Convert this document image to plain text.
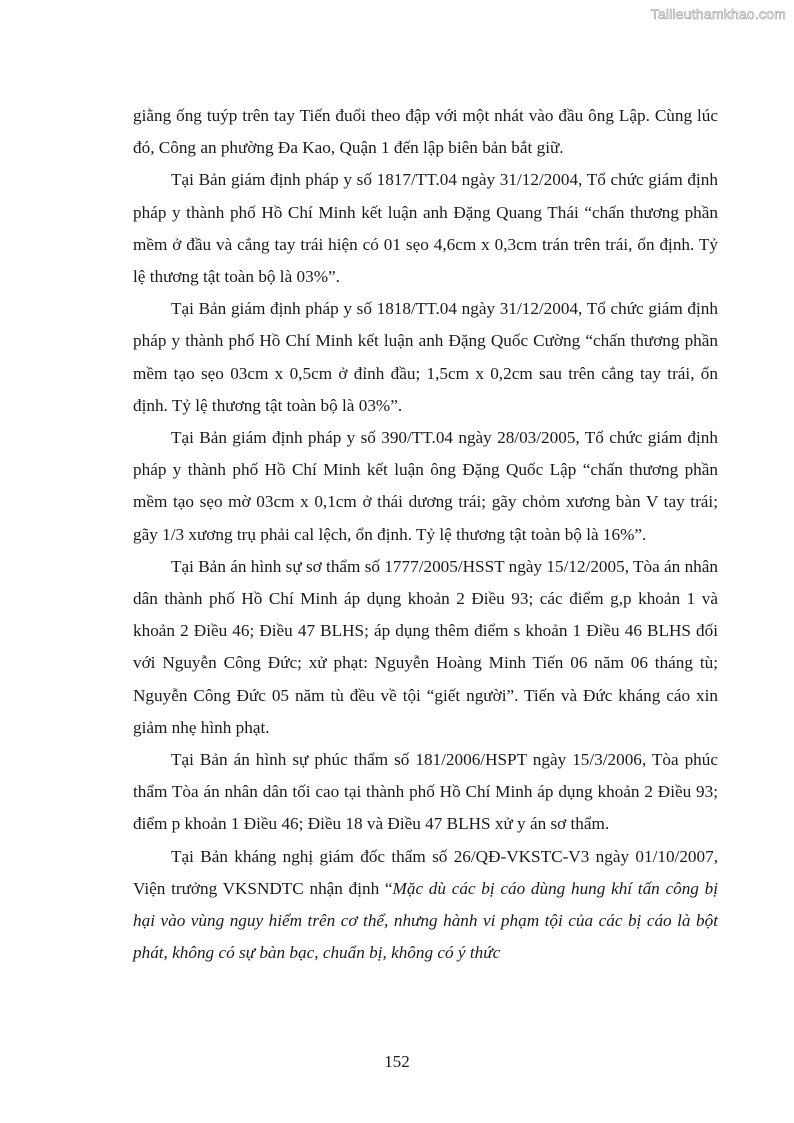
Tailieuthamkhao.com

giằng ống tuýp trên tay Tiến đuổi theo đập với một nhát vào đầu ông Lập. Cùng lúc đó, Công an phường Đa Kao, Quận 1 đến lập biên bản bắt giữ.

Tại Bản giám định pháp y số 1817/TT.04 ngày 31/12/2004, Tổ chức giám định pháp y thành phố Hồ Chí Minh kết luận anh Đặng Quang Thái “chấn thương phần mềm ở đầu và cẳng tay trái hiện có 01 sẹo 4,6cm x 0,3cm trán trên trái, ổn định. Tỷ lệ thương tật toàn bộ là 03%”.

Tại Bản giám định pháp y số 1818/TT.04 ngày 31/12/2004, Tổ chức giám định pháp y thành phố Hồ Chí Minh kết luận anh Đặng Quốc Cường “chấn thương phần mềm tạo sẹo 03cm x 0,5cm ở đỉnh đầu; 1,5cm x 0,2cm sau trên cẳng tay trái, ổn định. Tỷ lệ thương tật toàn bộ là 03%”.

Tại Bản giám định pháp y số 390/TT.04 ngày 28/03/2005, Tổ chức giám định pháp y thành phố Hồ Chí Minh kết luận ông Đặng Quốc Lập “chấn thương phần mềm tạo sẹo mờ 03cm x 0,1cm ở thái dương trái; gãy chỏm xương bàn V tay trái; gãy 1/3 xương trụ phải cal lệch, ổn định. Tỷ lệ thương tật toàn bộ là 16%”.

Tại Bản án hình sự sơ thẩm số 1777/2005/HSST ngày 15/12/2005, Tòa án nhân dân thành phố Hồ Chí Minh áp dụng khoản 2 Điều 93; các điểm g,p khoản 1 và khoản 2 Điều 46; Điều 47 BLHS; áp dụng thêm điểm s khoản 1 Điều 46 BLHS đối với Nguyễn Công Đức; xử phạt: Nguyễn Hoàng Minh Tiến 06 năm 06 tháng tù; Nguyễn Công Đức 05 năm tù đều về tội “giết người”. Tiến và Đức kháng cáo xin giảm nhẹ hình phạt.

Tại Bản án hình sự phúc thẩm số 181/2006/HSPT ngày 15/3/2006, Tòa phúc thẩm Tòa án nhân dân tối cao tại thành phố Hồ Chí Minh áp dụng khoản 2 Điều 93; điểm p khoản 1 Điều 46; Điều 18 và Điều 47 BLHS xử y án sơ thẩm.

Tại Bản kháng nghị giám đốc thẩm số 26/QĐ-VKSTC-V3 ngày 01/10/2007, Viện trưởng VKSNDTC nhận định “Mặc dù các bị cáo dùng hung khí tấn công bị hại vào vùng nguy hiểm trên cơ thể, nhưng hành vi phạm tội của các bị cáo là bột phát, không có sự bàn bạc, chuẩn bị, không có ý thức

152
